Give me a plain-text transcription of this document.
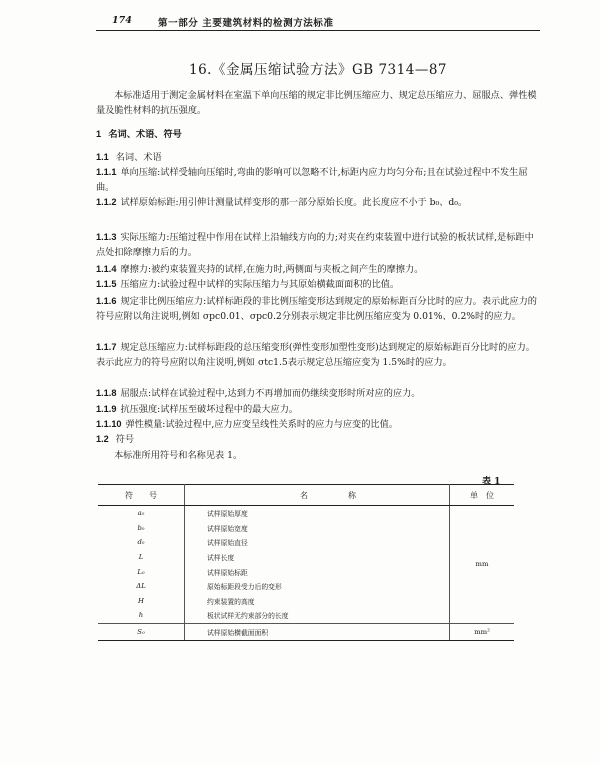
174	第一部分 主要建筑材料的检测方法标准
16.《金属压缩试验方法》GB 7314—87
本标准适用于测定金属材料在室温下单向压缩的规定非比例压缩应力、规定总压缩应力、屈服点、弹性模量及脆性材料的抗压强度。
1 名词、术语、符号
1.1 名词、术语
1.1.1 单向压缩:试样受轴向压缩时,弯曲的影响可以忽略不计,标距内应力均匀分布;且在试验过程中不发生屈曲。
1.1.2 试样原始标距:用引伸计测量试样变形的那一部分原始长度。此长度应不小于 b₀、d₀。
1.1.3 实际压缩力:压缩过程中作用在试样上沿轴线方向的力;对夹在约束装置中进行试验的板状试样,是标距中点处扣除摩擦力后的力。
1.1.4 摩擦力:被约束装置夹持的试样,在施力时,两侧面与夹板之间产生的摩擦力。
1.1.5 压缩应力:试验过程中试样的实际压缩力与其原始横截面面积的比值。
1.1.6 规定非比例压缩应力:试样标距段的非比例压缩变形达到规定的原始标距百分比时的应力。表示此应力的符号应附以角注说明,例如 σpc0.01、σpc0.2分别表示规定非比例压缩应变为 0.01%、0.2%时的应力。
1.1.7 规定总压缩应力:试样标距段的总压缩变形(弹性变形加塑性变形)达到规定的原始标距百分比时的应力。表示此应力的符号应附以角注说明,例如 σtc1.5表示规定总压缩应变为 1.5%时的应力。
1.1.8 屈服点:试样在试验过程中,达到力不再增加而仍继续变形时所对应的应力。
1.1.9 抗压强度:试样压至破坏过程中的最大应力。
1.1.10 弹性模量:试验过程中,应力应变呈线性关系时的应力与应变的比值。
1.2 符号
本标准所用符号和名称见表 1。
表 1
符　　号	名　　　　　称	单　位
a₀	试样原始厚度	mm
b₀	试样原始宽度	
d₀	试样原始直径	
L	试样长度	
L₀	试样原始标距	
ΔL	原始标距段受力后的变形	
H	约束装置的高度	
h	板状试样无约束部分的长度	
S₀	试样原始横截面面积	mm²
